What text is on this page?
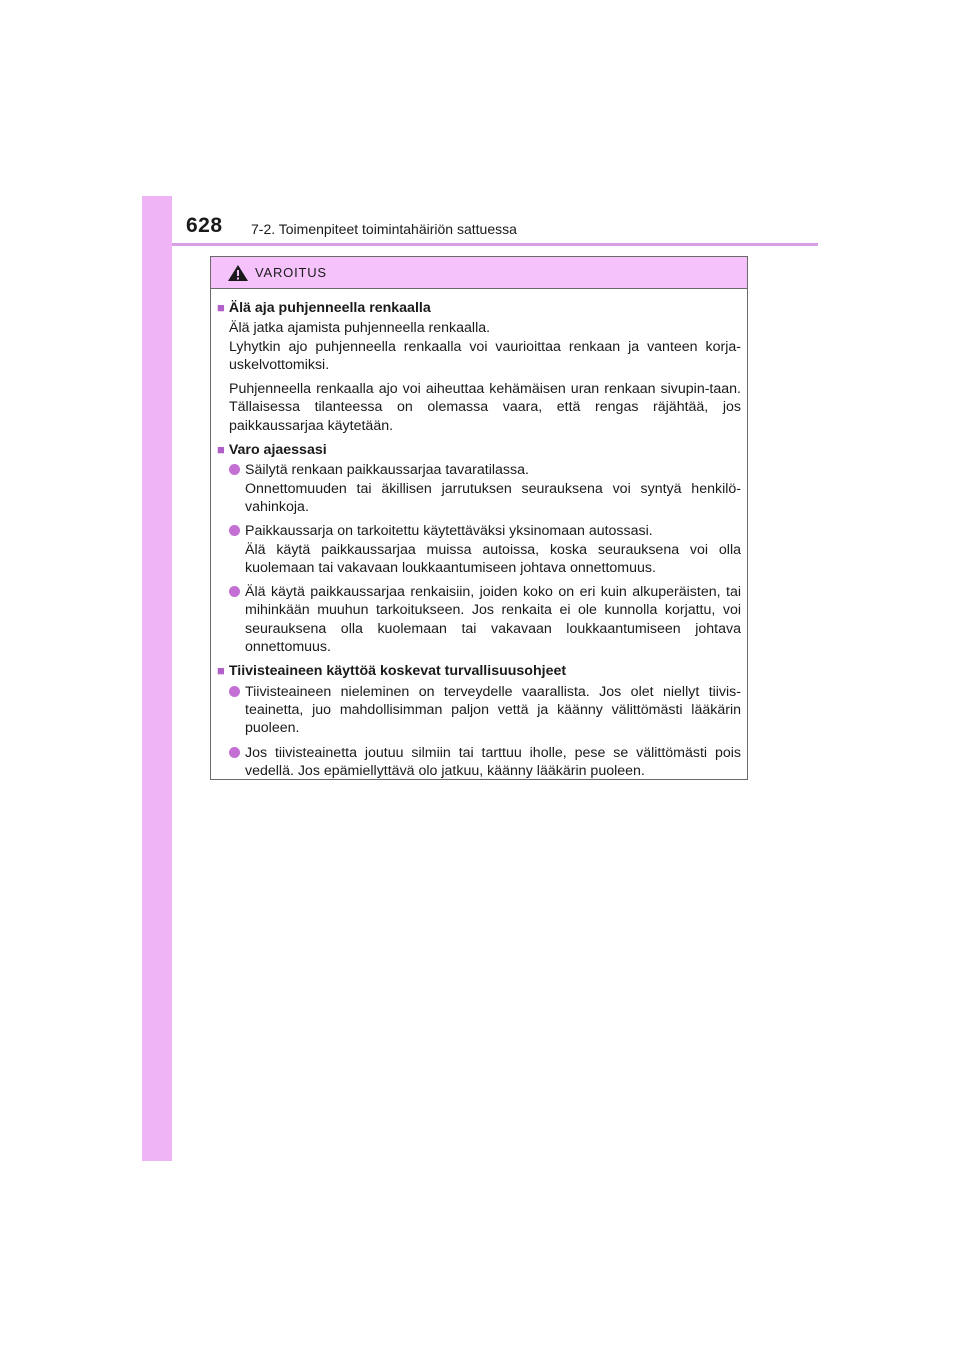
628 7-2. Toimenpiteet toimintahäiriön sattuessa
VAROITUS
■ Älä aja puhjenneella renkaalla
Älä jatka ajamista puhjenneella renkaalla.
Lyhytkin ajo puhjenneella renkaalla voi vaurioittaa renkaan ja vanteen korja-uskelvottomiksi.
Puhjenneella renkaalla ajo voi aiheuttaa kehämäisen uran renkaan sivupin-taan. Tällaisessa tilanteessa on olemassa vaara, että rengas räjähtää, jos paikkaussarjaa käytetään.
■ Varo ajaessasi
Säilytä renkaan paikkaussarjaa tavaratilassa.
Onnettomuuden tai äkillisen jarrutuksen seurauksena voi syntyä henkilö-vahinkoja.
Paikkaussarja on tarkoitettu käytettäväksi yksinomaan autossasi.
Älä käytä paikkaussarjaa muissa autoissa, koska seurauksena voi olla kuolemaan tai vakavaan loukkaantumiseen johtava onnettomuus.
Älä käytä paikkaussarjaa renkaisiin, joiden koko on eri kuin alkuperäisten, tai mihinkään muuhun tarkoitukseen. Jos renkaita ei ole kunnolla korjattu, voi seurauksena olla kuolemaan tai vakavaan loukkaantumiseen johtava onnettomuus.
■ Tiivisteaineen käyttöä koskevat turvallisuusohjeet
Tiivisteaineen nieleminen on terveydelle vaarallista. Jos olet niellyt tiivis-teainetta, juo mahdollisimman paljon vettä ja käänny välittömästi lääkärin puoleen.
Jos tiivisteainetta joutuu silmiin tai tarttuu iholle, pese se välittömästi pois vedellä. Jos epämiellyttävä olo jatkuu, käänny lääkärin puoleen.
